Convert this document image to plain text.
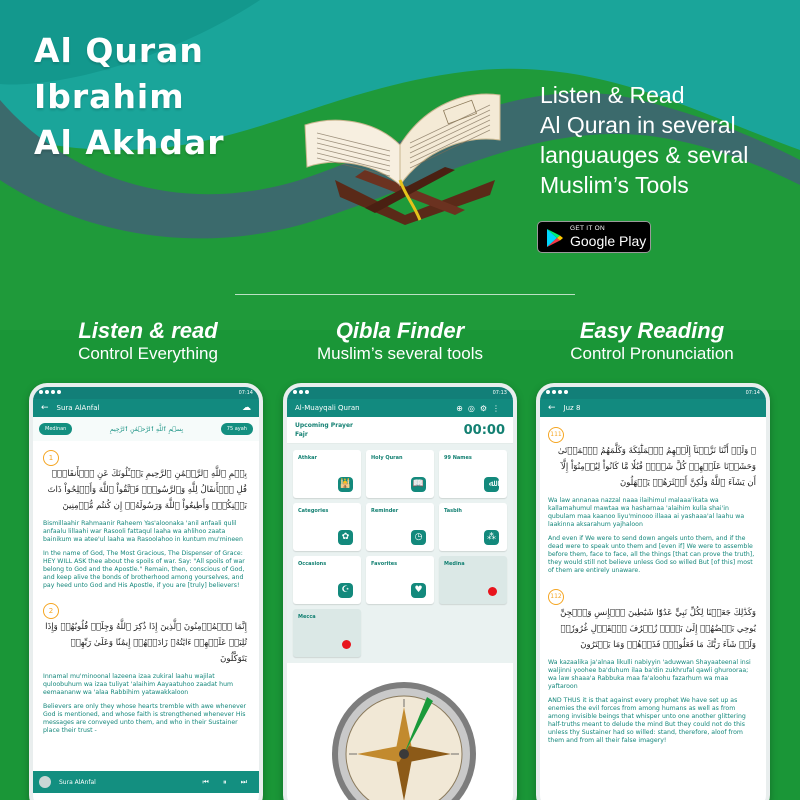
Al Quran
Ibrahim
Al Akhdar
Listen & Read
Al Quran in several
languauges & sevral
Muslim’s Tools
GET IT ON
Google Play
Listen & read
Control Everything
Qibla Finder
Muslim’s several tools
Easy Reading
Control Pronunciation
07:14
← Sura AlAnfal	☁
Medinan	بِسۡمِ ٱللَّهِ ٱلرَّحۡمَٰنِ ٱلرَّحِيمِ	75 ayah
1
بِسۡمِ ٱللَّهِ ٱلرَّحۡمَٰنِ ٱلرَّحِيمِ يَسۡـَٔلُونَكَ عَنِ ٱلۡأَنفَالِۖ قُلِ ٱلۡأَنفَالُ لِلَّهِ وَٱلرَّسُولِۖ فَٱتَّقُواْ ٱللَّهَ وَأَصۡلِحُواْ ذَاتَ بَيۡنِكُمۡۖ وَأَطِيعُواْ ٱللَّهَ وَرَسُولَهُۥٓ إِن كُنتُم مُّؤۡمِنِينَ
Bismillaahir Rahmaanir Raheem Yas'aloonaka 'anil anfaali qulil anfaalu lillaahi war Rasooli fattaqul laaha wa ahlihoo zaata bainikum wa atee'ul laaha wa Rasoolahoo in kuntum mu'mineen
In the name of God, The Most Gracious, The Dispenser of Grace: HEY WILL ASK thee about the spoils of war. Say: "All spoils of war belong to God and the Apostle." Remain, then, conscious of God, and keep alive the bonds of brotherhood among yourselves, and pay heed unto God and His Apostle, if you are [truly] believers!
2
إِنَّمَا ٱلۡمُؤۡمِنُونَ ٱلَّذِينَ إِذَا ذُكِرَ ٱللَّهُ وَجِلَتۡ قُلُوبُهُمۡ وَإِذَا تُلِيَتۡ عَلَيۡهِمۡ ءَايَٰتُهُۥ زَادَتۡهُمۡ إِيمَٰنٗا وَعَلَىٰ رَبِّهِمۡ يَتَوَكَّلُونَ
Innamal mu'minoonal lazeena izaa zukiral laahu wajilat quloobuhum wa izaa tuliyat 'alaihim Aayaatuhoo zaadat hum eemaananw wa 'alaa Rabbihim yatawakkaloon
Believers are only they whose hearts tremble with awe whenever God is mentioned, and whose faith is strengthened whenever His messages are conveyed unto them, and who in their Sustainer place their trust -
Sura AlAnfal	⏮ ⏸ ⏭
07:13
Al-Muayqali Quran	⊕◎⚙⋮
Upcoming Prayer
Fajr	00:00
Athkar
🕌
Holy Quran
📖
99 Names
ﷲ
Categories
✿
Reminder
◷
Tasbih
⁂
Occasions
☪
Favorites
♥
Medina
Mecca
07:14
← Juz 8
111
۞ وَلَوۡ أَنَّنَا نَزَّلۡنَآ إِلَيۡهِمُ ٱلۡمَلَٰٓئِكَةَ وَكَلَّمَهُمُ ٱلۡمَوۡتَىٰ وَحَشَرۡنَا عَلَيۡهِمۡ كُلَّ شَيۡءٖ قُبُلٗا مَّا كَانُواْ لِيُؤۡمِنُوٓاْ إِلَّآ أَن يَشَآءَ ٱللَّهُ وَلَٰكِنَّ أَكۡثَرَهُمۡ يَجۡهَلُونَ
Wa law annanaa nazzal naaa ilaihimul malaaa'ikata wa kallamahumul mawtaa wa hasharnaa 'alaihim kulla shai'in qubulam maa kaanoo liyu'minooo illaaa ai yashaaa'al laahu wa laakinna aksarahum yajhaloon
And even if We were to send down angels unto them, and if the dead were to speak unto them and [even if] We were to assemble before them, face to face, all the things [that can prove the truth], they would still not believe unless God so willed But [of this] most of them are entirely unaware.
112
وَكَذَٰلِكَ جَعَلۡنَا لِكُلِّ نَبِيٍّ عَدُوّٗا شَيَٰطِينَ ٱلۡإِنسِ وَٱلۡجِنِّ يُوحِي بَعۡضُهُمۡ إِلَىٰ بَعۡضٖ زُخۡرُفَ ٱلۡقَوۡلِ غُرُورٗاۚ وَلَوۡ شَآءَ رَبُّكَ مَا فَعَلُوهُۖ فَذَرۡهُمۡ وَمَا يَفۡتَرُونَ
Wa kazaalika ja'alnaa likulli nabiyyin 'aduwwan Shayaateenal insi waljinni yoohee ba'duhum ilaa ba'din zukhrufal qawli ghurooraa; wa law shaaa'a Rabbuka maa fa'aloohu fazarhum wa maa yaftaroon
AND THUS it is that against every prophet We have set up as enemies the evil forces from among humans as well as from among invisible beings that whisper unto one another glittering half-truths meant to delude the mind But they could not do this unless thy Sustainer had so willed: stand, therefore, aloof from them and from all their false imagery!
